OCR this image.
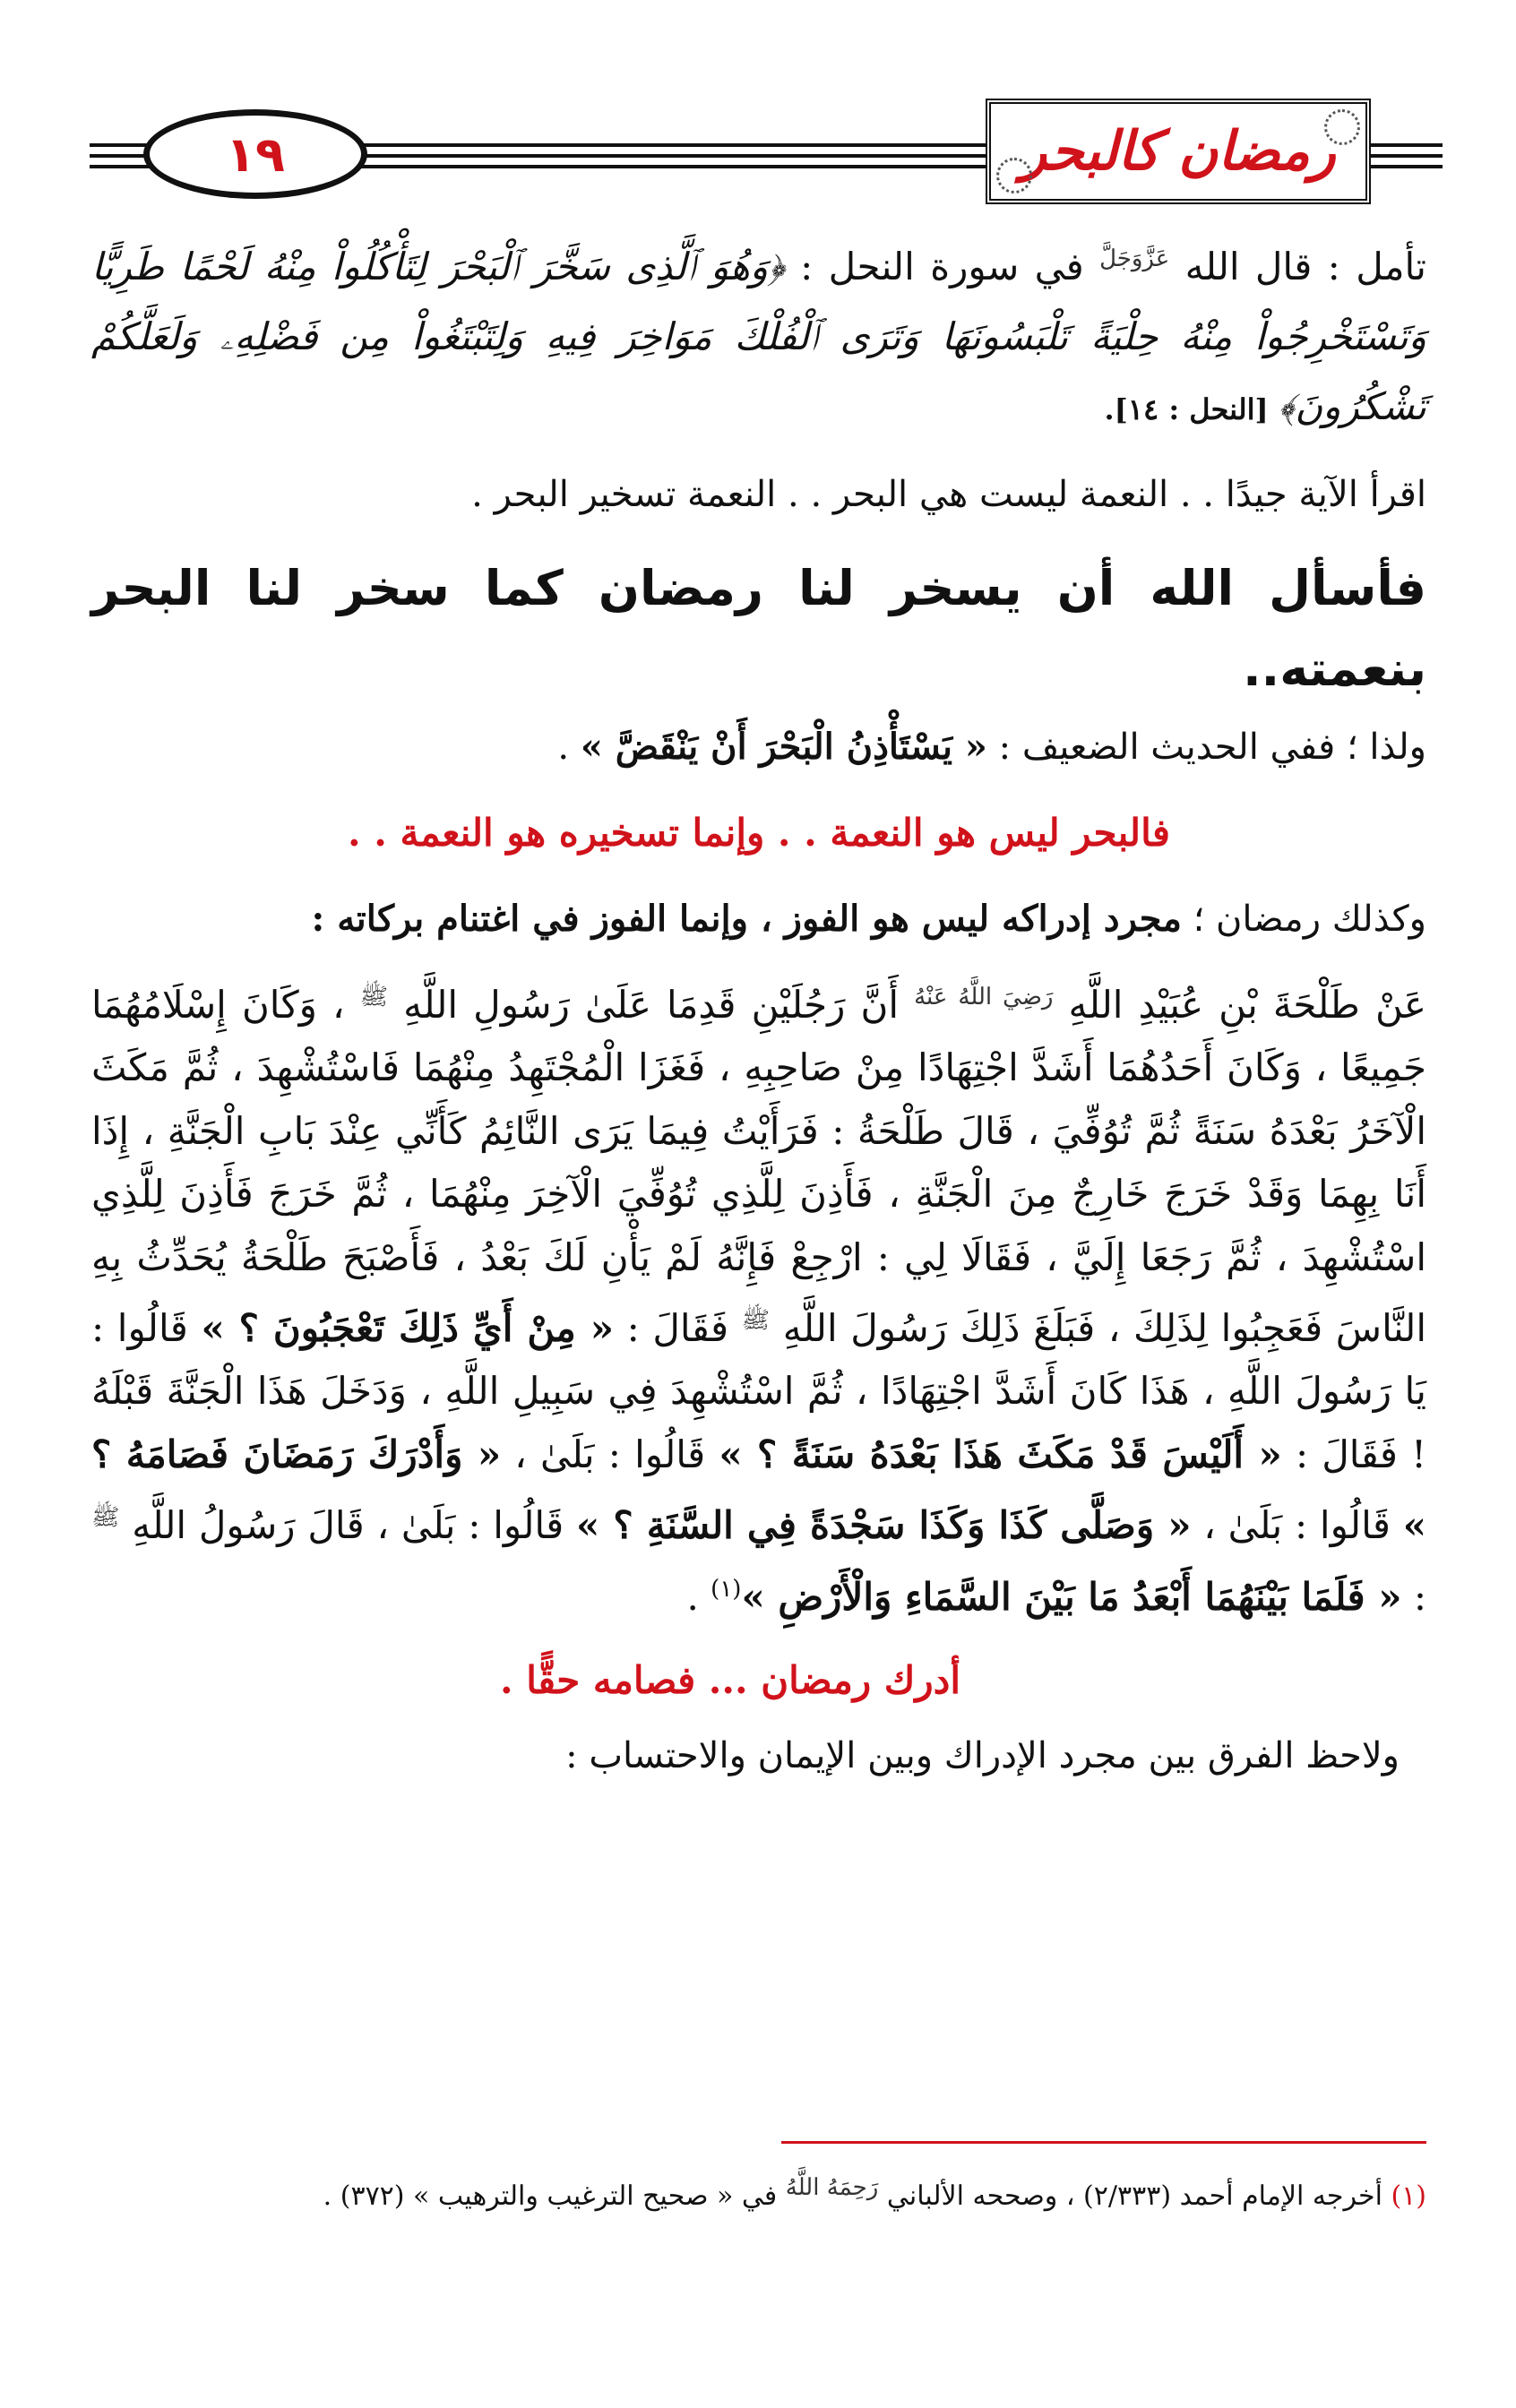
رمضان كالبحر
١٩

تأمل : قال الله $^{عَزَّوَجَلَّ}$ في سورة النحل : ﴿وَهُوَ ٱلَّذِى سَخَّرَ ٱلْبَحْرَ لِتَأْكُلُواْ مِنْهُ لَحْمًا طَرِيًّا وَتَسْتَخْرِجُواْ مِنْهُ حِلْيَةً تَلْبَسُونَهَا وَتَرَى ٱلْفُلْكَ مَوَاخِرَ فِيهِ وَلِتَبْتَغُواْ مِن فَضْلِهِۦ وَلَعَلَّكُمْ تَشْكُرُونَ﴾ [النحل : ١٤].

اقرأ الآية جيدًا . . النعمة ليست هي البحر . . النعمة تسخير البحر .

فأسأل الله أن يسخر لنا رمضان كما سخر لنا البحر بنعمته..

ولذا ؛ ففي الحديث الضعيف : « يَسْتَأْذِنُ الْبَحْرَ أَنْ يَنْقَضَّ » .

فالبحر ليس هو النعمة . . وإنما تسخيره هو النعمة . .

وكذلك رمضان ؛ مجرد إدراكه ليس هو الفوز ، وإنما الفوز في اغتنام بركاته :

عَنْ طَلْحَةَ بْنِ عُبَيْدِ اللَّهِ $^{رَضِيَ اللَّهُ عَنْهُ}$ أَنَّ رَجُلَيْنِ قَدِمَا عَلَىٰ رَسُولِ اللَّهِ $^ﷺ$ ، وَكَانَ إِسْلَامُهُمَا جَمِيعًا ، وَكَانَ أَحَدُهُمَا أَشَدَّ اجْتِهَادًا مِنْ صَاحِبِهِ ، فَغَزَا الْمُجْتَهِدُ مِنْهُمَا فَاسْتُشْهِدَ ، ثُمَّ مَكَثَ الْآخَرُ بَعْدَهُ سَنَةً ثُمَّ تُوُفِّيَ ، قَالَ طَلْحَةُ : فَرَأَيْتُ فِيمَا يَرَى النَّائِمُ كَأَنِّي عِنْدَ بَابِ الْجَنَّةِ ، إِذَا أَنَا بِهِمَا وَقَدْ خَرَجَ خَارِجٌ مِنَ الْجَنَّةِ ، فَأَذِنَ لِلَّذِي تُوُفِّيَ الْآخِرَ مِنْهُمَا ، ثُمَّ خَرَجَ فَأَذِنَ لِلَّذِي اسْتُشْهِدَ ، ثُمَّ رَجَعَا إِلَيَّ ، فَقَالَا لِي : ارْجِعْ فَإِنَّهُ لَمْ يَأْنِ لَكَ بَعْدُ ، فَأَصْبَحَ طَلْحَةُ يُحَدِّثُ بِهِ النَّاسَ فَعَجِبُوا لِذَلِكَ ، فَبَلَغَ ذَلِكَ رَسُولَ اللَّهِ $^ﷺ$ فَقَالَ : « مِنْ أَيِّ ذَلِكَ تَعْجَبُونَ ؟ » قَالُوا : يَا رَسُولَ اللَّهِ ، هَذَا كَانَ أَشَدَّ اجْتِهَادًا ، ثُمَّ اسْتُشْهِدَ فِي سَبِيلِ اللَّهِ ، وَدَخَلَ هَذَا الْجَنَّةَ قَبْلَهُ ! فَقَالَ : « أَلَيْسَ قَدْ مَكَثَ هَذَا بَعْدَهُ سَنَةً ؟ » قَالُوا : بَلَىٰ ، « وَأَدْرَكَ رَمَضَانَ فَصَامَهُ ؟ » قَالُوا : بَلَىٰ ، « وَصَلَّى كَذَا وَكَذَا سَجْدَةً فِي السَّنَةِ ؟ » قَالُوا : بَلَىٰ ، قَالَ رَسُولُ اللَّهِ $^ﷺ$ : « فَلَمَا بَيْنَهُمَا أَبْعَدُ مَا بَيْنَ السَّمَاءِ وَالْأَرْضِ »$^{(١)}$ .

أدرك رمضان ... فصامه حقًّا .

ولاحظ الفرق بين مجرد الإدراك وبين الإيمان والاحتساب :

(١) أخرجه الإمام أحمد (٢/٣٣٣) ، وصححه الألباني رَحِمَهُ اللَّهُ في « صحيح الترغيب والترهيب » (٣٧٢) .
